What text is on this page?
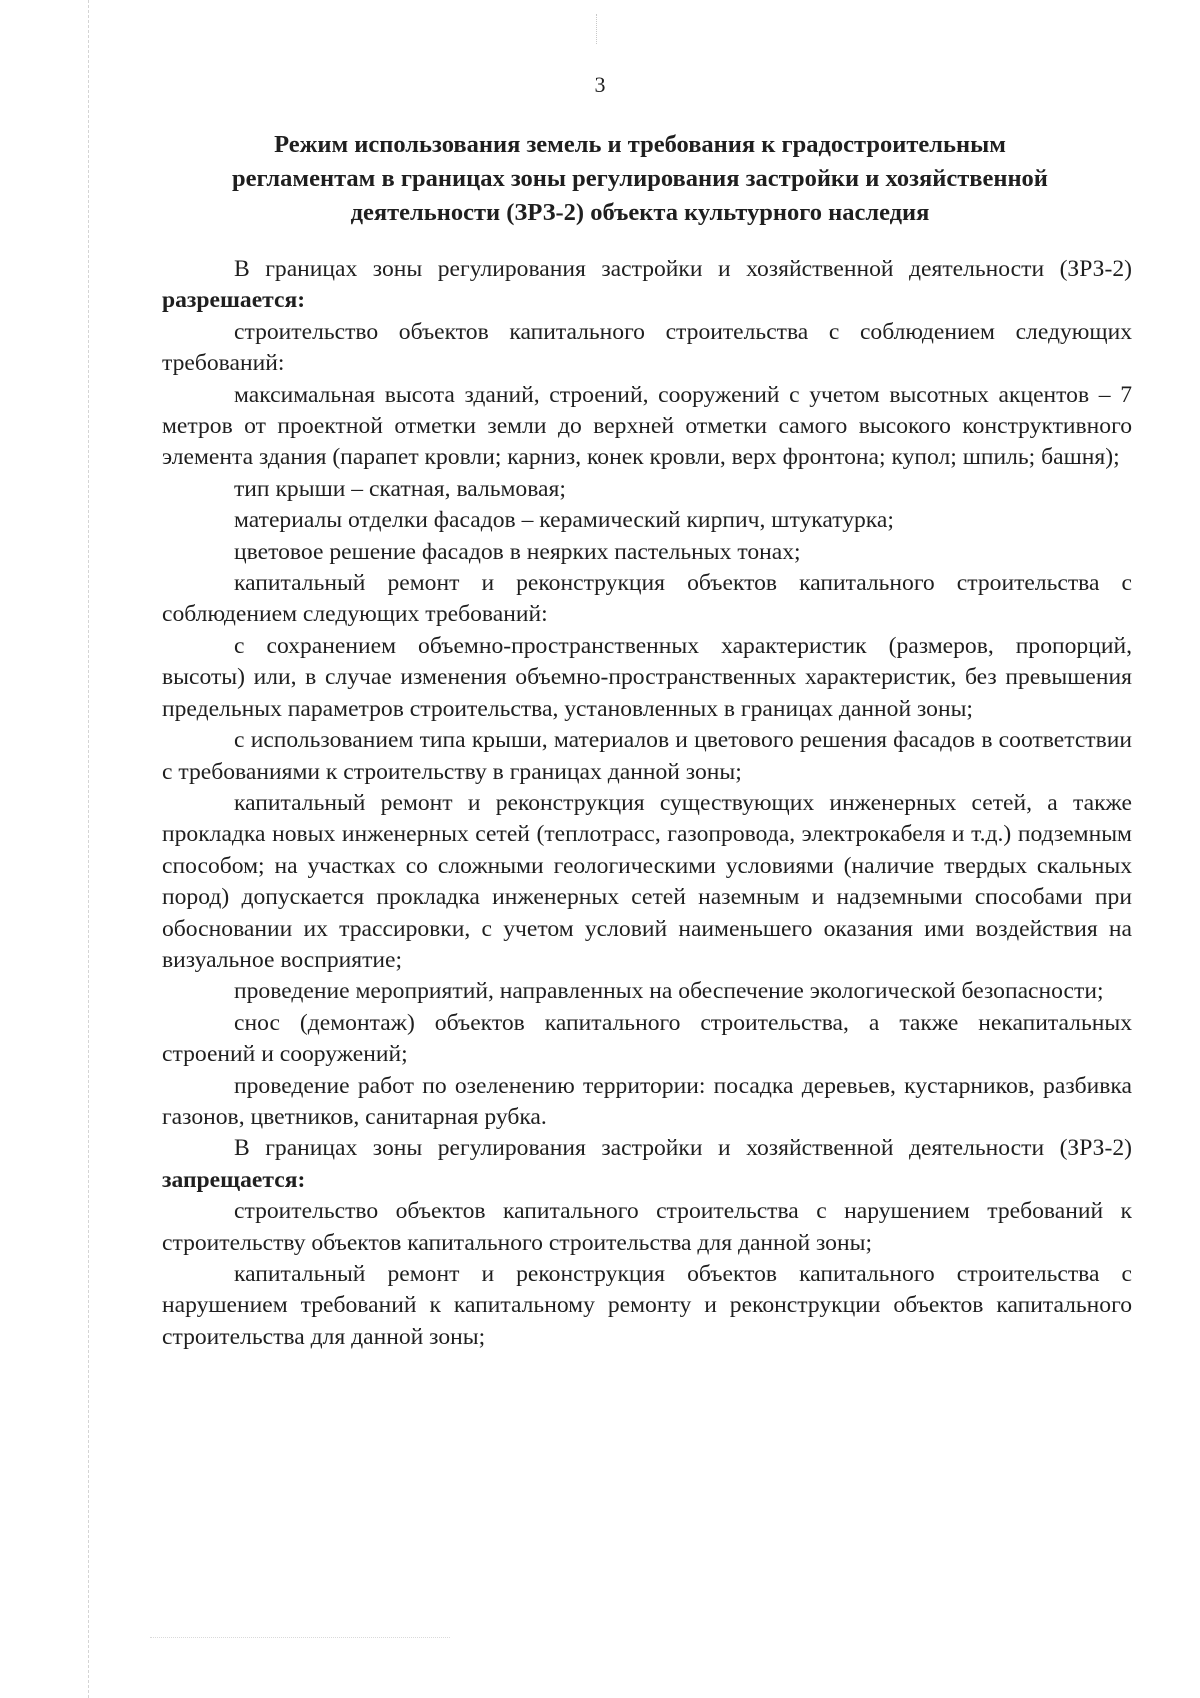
3
Режим использования земель и требования к градостроительным
регламентам в границах зоны регулирования застройки и хозяйственной
деятельности (ЗРЗ-2) объекта культурного наследия

В границах зоны регулирования застройки и хозяйственной деятельности (ЗРЗ-2) разрешается:

строительство объектов капитального строительства с соблюдением следующих требований:

максимальная высота зданий, строений, сооружений с учетом высотных акцентов – 7 метров от проектной отметки земли до верхней отметки самого высокого конструктивного элемента здания (парапет кровли; карниз, конек кровли, верх фронтона; купол; шпиль; башня);

тип крыши – скатная, вальмовая;

материалы отделки фасадов – керамический кирпич, штукатурка;

цветовое решение фасадов в неярких пастельных тонах;

капитальный ремонт и реконструкция объектов капитального строительства с соблюдением следующих требований:

с сохранением объемно-пространственных характеристик (размеров, пропорций, высоты) или, в случае изменения объемно-пространственных характеристик, без превышения предельных параметров строительства, установленных в границах данной зоны;

с использованием типа крыши, материалов и цветового решения фасадов в соответствии с требованиями к строительству в границах данной зоны;

капитальный ремонт и реконструкция существующих инженерных сетей, а также прокладка новых инженерных сетей (теплотрасс, газопровода, электрокабеля и т.д.) подземным способом; на участках со сложными геологическими условиями (наличие твердых скальных пород) допускается прокладка инженерных сетей наземным и надземными способами при обосновании их трассировки, с учетом условий наименьшего оказания ими воздействия на визуальное восприятие;

проведение мероприятий, направленных на обеспечение экологической безопасности;

снос (демонтаж) объектов капитального строительства, а также некапитальных строений и сооружений;

проведение работ по озеленению территории: посадка деревьев, кустарников, разбивка газонов, цветников, санитарная рубка.

В границах зоны регулирования застройки и хозяйственной деятельности (ЗРЗ-2) запрещается:

строительство объектов капитального строительства с нарушением требований к строительству объектов капитального строительства для данной зоны;

капитальный ремонт и реконструкция объектов капитального строительства с нарушением требований к капитальному ремонту и реконструкции объектов капитального строительства для данной зоны;
